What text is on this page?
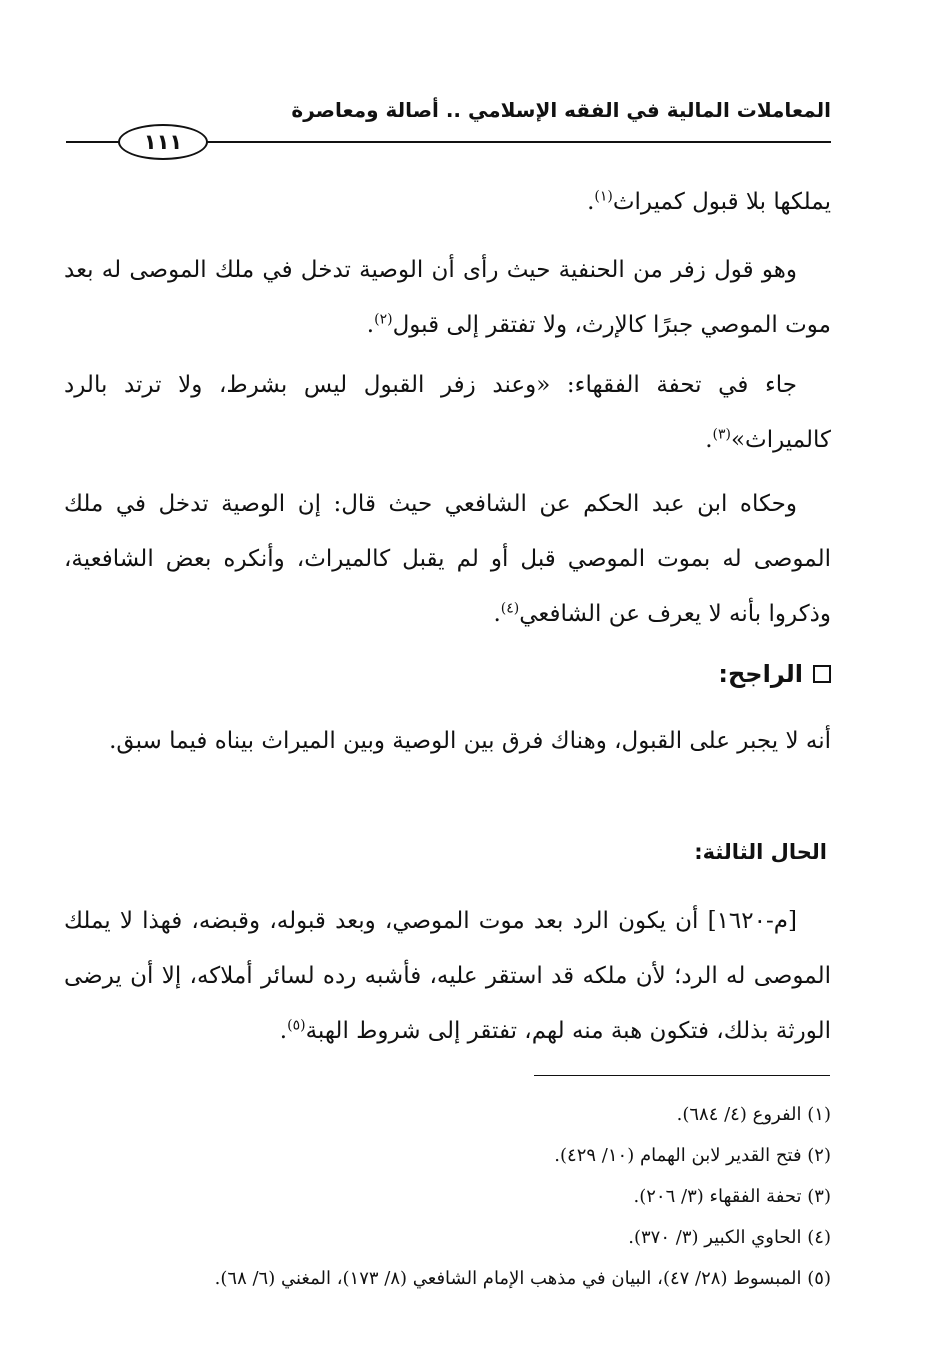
المعاملات المالية في الفقه الإسلامي .. أصالة ومعاصرة
١١١

يملكها بلا قبول كميراث$^{(١)}$.

وهو قول زفر من الحنفية حيث رأى أن الوصية تدخل في ملك الموصى له بعد موت الموصي جبرًا كالإرث، ولا تفتقر إلى قبول$^{(٢)}$.

جاء في تحفة الفقهاء: «وعند زفر القبول ليس بشرط، ولا ترتد بالرد كالميراث»$^{(٣)}$.

وحكاه ابن عبد الحكم عن الشافعي حيث قال: إن الوصية تدخل في ملك الموصى له بموت الموصي قبل أو لم يقبل كالميراث، وأنكره بعض الشافعية، وذكروا بأنه لا يعرف عن الشافعي$^{(٤)}$.

الراجح:

أنه لا يجبر على القبول، وهناك فرق بين الوصية وبين الميراث بيناه فيما سبق.

الحال الثالثة:

[م-١٦٢٠] أن يكون الرد بعد موت الموصي، وبعد قبوله، وقبضه، فهذا لا يملك الموصى له الرد؛ لأن ملكه قد استقر عليه، فأشبه رده لسائر أملاكه، إلا أن يرضى الورثة بذلك، فتكون هبة منه لهم، تفتقر إلى شروط الهبة$^{(٥)}$.

(١) الفروع (٤/ ٦٨٤).
(٢) فتح القدير لابن الهمام (١٠/ ٤٢٩).
(٣) تحفة الفقهاء (٣/ ٢٠٦).
(٤) الحاوي الكبير (٣/ ٣٧٠).
(٥) المبسوط (٢٨/ ٤٧)، البيان في مذهب الإمام الشافعي (٨/ ١٧٣)، المغني (٦/ ٦٨).
